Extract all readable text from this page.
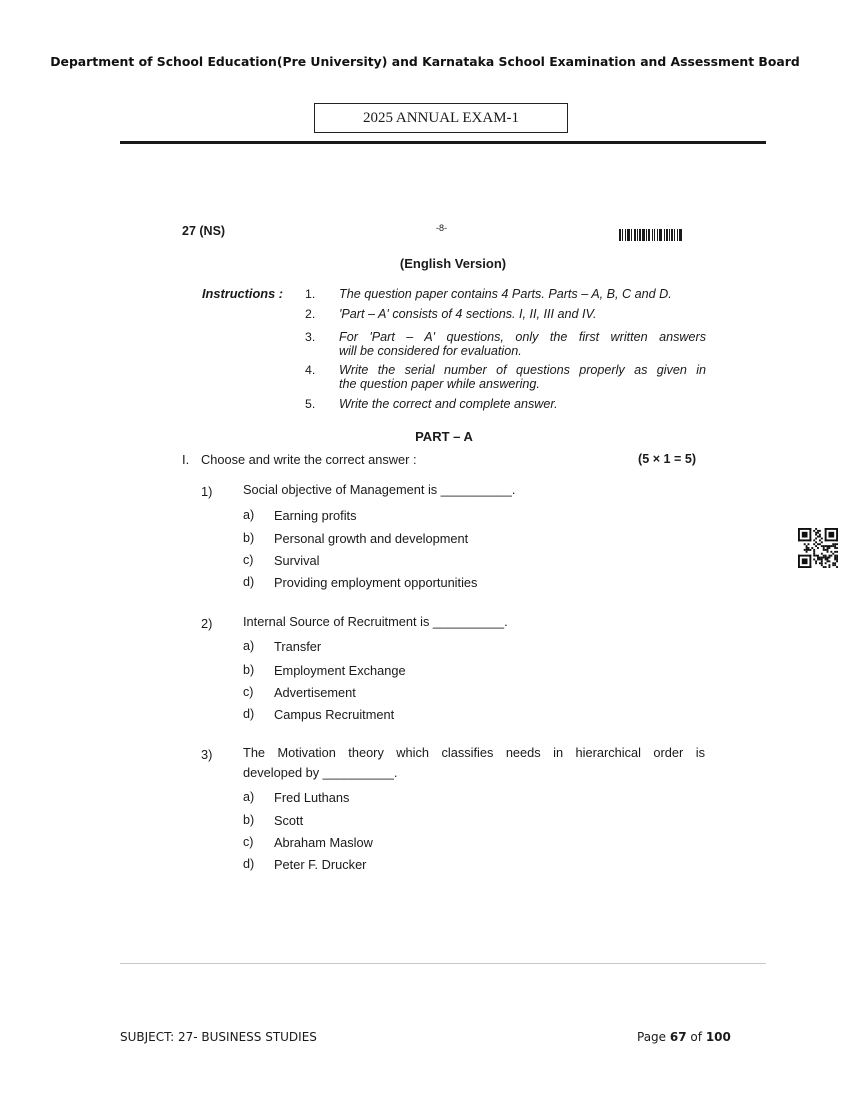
Department of School Education(Pre University) and Karnataka School Examination and Assessment Board
2025 ANNUAL EXAM-1
27 (NS)	-8-
(English Version)
Instructions : 1.	The question paper contains 4 Parts. Parts – A, B, C and D.
2.	'Part – A' consists of 4 sections. I, II, III and IV.
3.	For 'Part – A' questions, only the first written answers
will be considered for evaluation.
4.	Write the serial number of questions properly as given in
the question paper while answering.
5.	Write the correct and complete answer.
PART – A
I. Choose and write the correct answer :	(5 × 1 = 5)
1) Social objective of Management is __________.
a) Earning profits
b) Personal growth and development
c) Survival
d) Providing employment opportunities
2) Internal Source of Recruitment is __________.
a) Transfer
b) Employment Exchange
c) Advertisement
d) Campus Recruitment
3) The Motivation theory which classifies needs in hierarchical order is
developed by __________.
a) Fred Luthans
b) Scott
c) Abraham Maslow
d) Peter F. Drucker
SUBJECT: 27- BUSINESS STUDIES	Page 67 of 100
